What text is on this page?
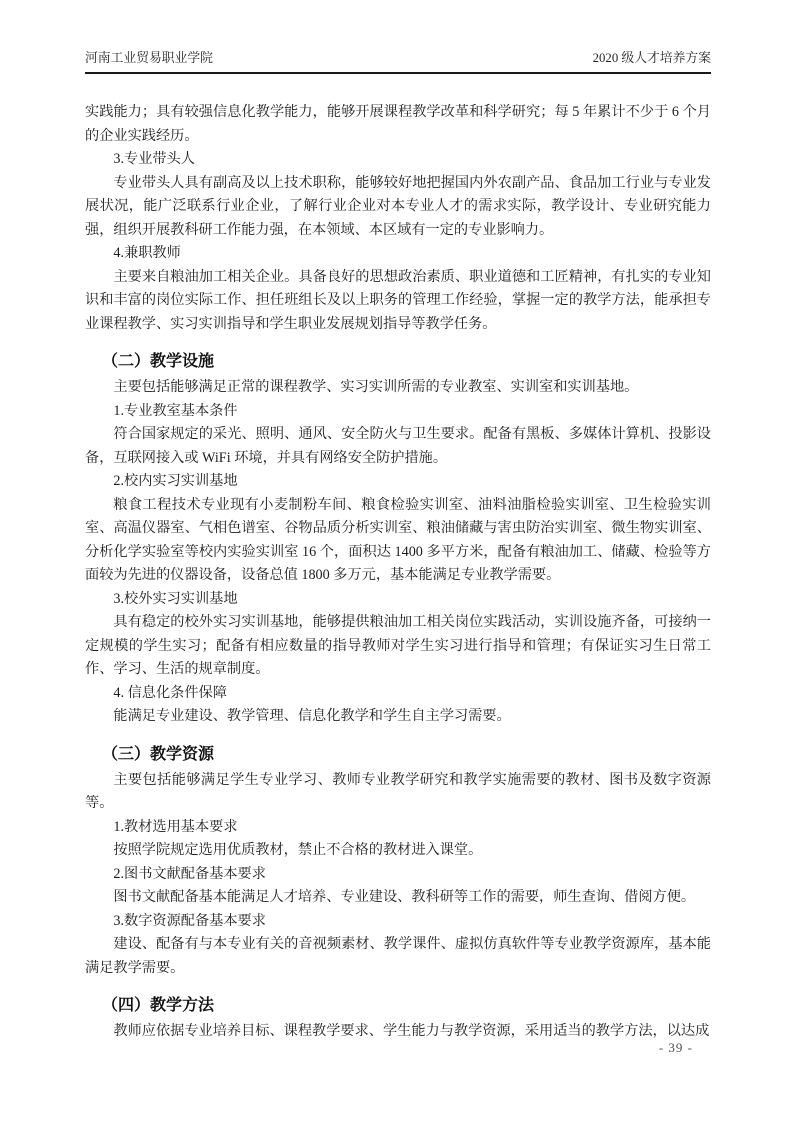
河南工业贸易职业学院	2020 级人才培养方案

实践能力；具有较强信息化教学能力，能够开展课程教学改革和科学研究；每 5 年累计不少于 6 个月的企业实践经历。

3.专业带头人

专业带头人具有副高及以上技术职称，能够较好地把握国内外农副产品、食品加工行业与专业发展状况，能广泛联系行业企业，了解行业企业对本专业人才的需求实际，教学设计、专业研究能力强，组织开展教科研工作能力强，在本领域、本区域有一定的专业影响力。

4.兼职教师

主要来自粮油加工相关企业。具备良好的思想政治素质、职业道德和工匠精神，有扎实的专业知识和丰富的岗位实际工作、担任班组长及以上职务的管理工作经验，掌握一定的教学方法，能承担专业课程教学、实习实训指导和学生职业发展规划指导等教学任务。

（二）教学设施

主要包括能够满足正常的课程教学、实习实训所需的专业教室、实训室和实训基地。

1.专业教室基本条件

符合国家规定的采光、照明、通风、安全防火与卫生要求。配备有黑板、多媒体计算机、投影设备，互联网接入或 WiFi 环境，并具有网络安全防护措施。

2.校内实习实训基地

粮食工程技术专业现有小麦制粉车间、粮食检验实训室、油料油脂检验实训室、卫生检验实训室、高温仪器室、气相色谱室、谷物品质分析实训室、粮油储藏与害虫防治实训室、微生物实训室、分析化学实验室等校内实验实训室 16 个，面积达 1400 多平方米，配备有粮油加工、储藏、检验等方面较为先进的仪器设备，设备总值 1800 多万元，基本能满足专业教学需要。

3.校外实习实训基地

具有稳定的校外实习实训基地，能够提供粮油加工相关岗位实践活动，实训设施齐备，可接纳一定规模的学生实习；配备有相应数量的指导教师对学生实习进行指导和管理；有保证实习生日常工作、学习、生活的规章制度。

4. 信息化条件保障

能满足专业建设、教学管理、信息化教学和学生自主学习需要。

（三）教学资源

主要包括能够满足学生专业学习、教师专业教学研究和教学实施需要的教材、图书及数字资源等。

1.教材选用基本要求

按照学院规定选用优质教材，禁止不合格的教材进入课堂。

2.图书文献配备基本要求

图书文献配备基本能满足人才培养、专业建设、教科研等工作的需要，师生查询、借阅方便。

3.数字资源配备基本要求

建设、配备有与本专业有关的音视频素材、教学课件、虚拟仿真软件等专业教学资源库，基本能满足教学需要。

（四）教学方法

教师应依据专业培养目标、课程教学要求、学生能力与教学资源，采用适当的教学方法，以达成

- 39 -
